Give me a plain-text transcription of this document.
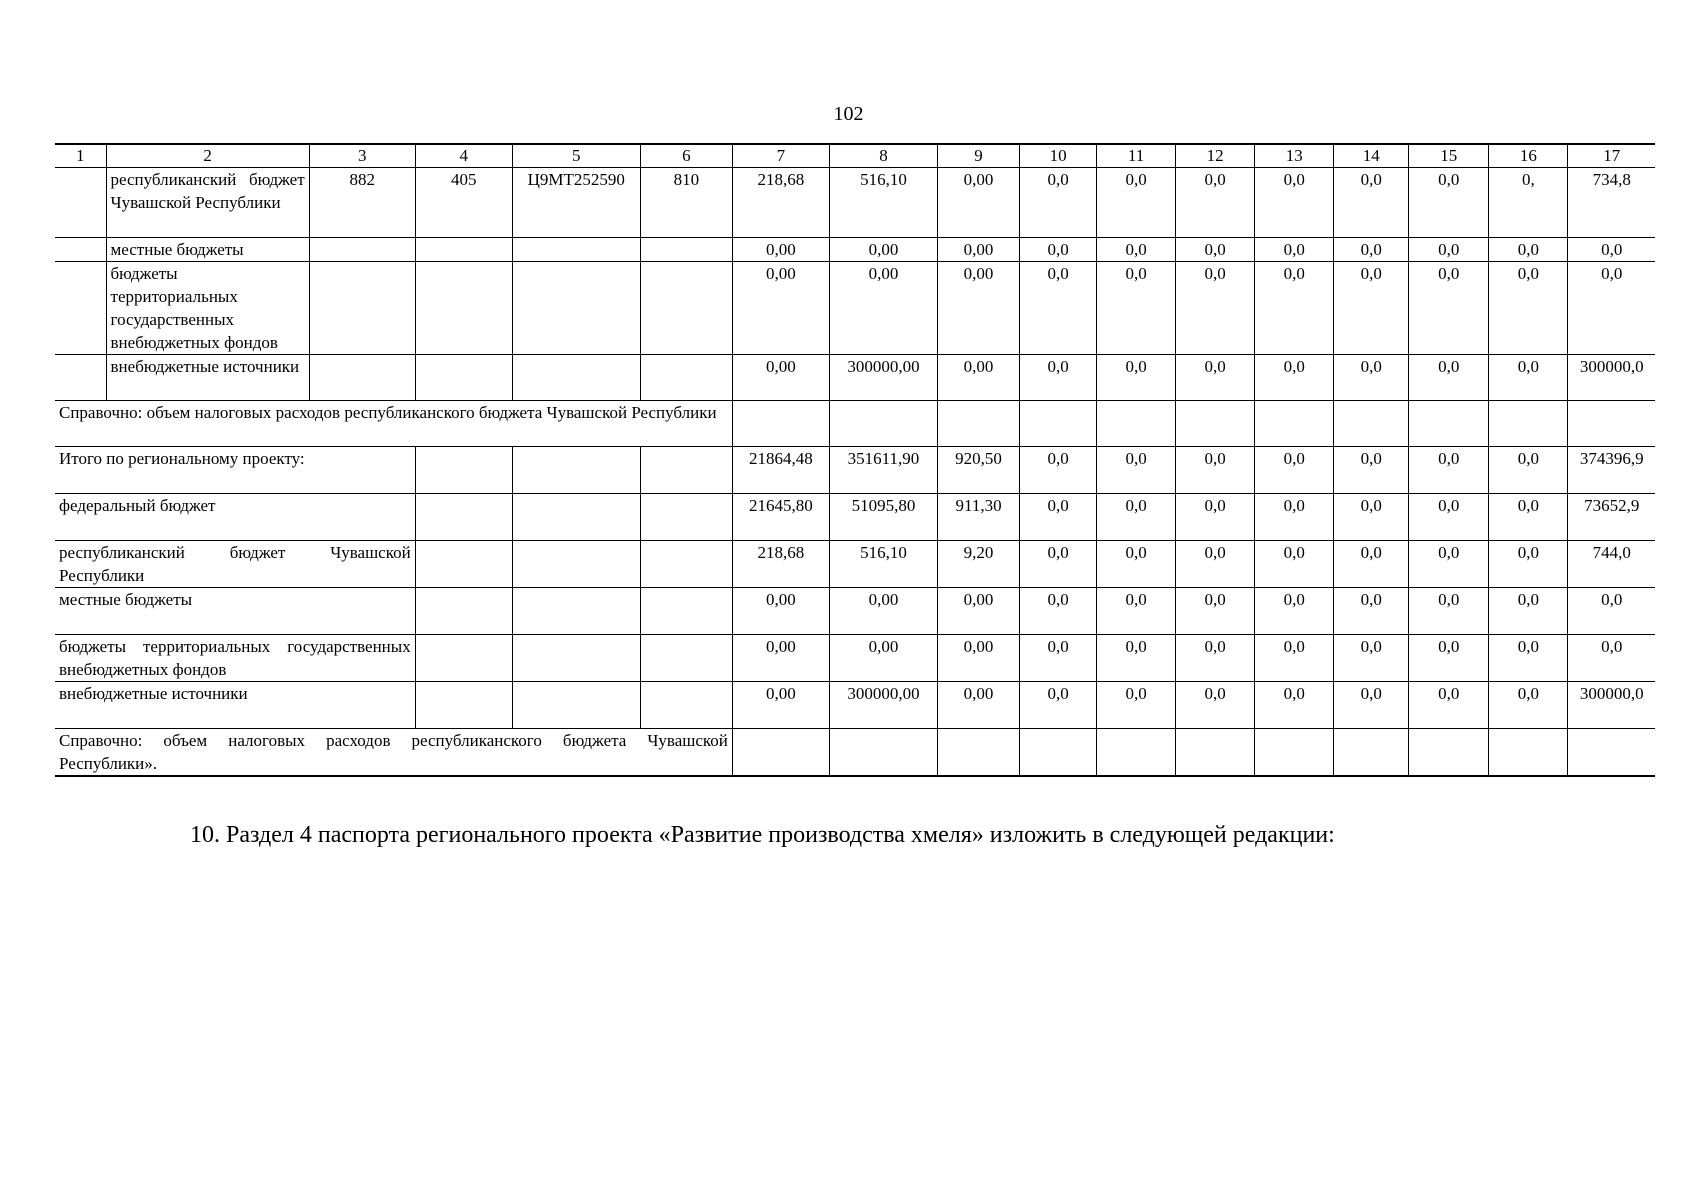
102
1	2	3	4	5	6	7	8	9	10	11	12	13	14	15	16	17
	республиканский бюджет Чувашской Республики	882	405	Ц9МТ252590	810	218,68	516,10	0,00	0,0	0,0	0,0	0,0	0,0	0,0	0,	734,8
	местные бюджеты					0,00	0,00	0,00	0,0	0,0	0,0	0,0	0,0	0,0	0,0	0,0
	бюджеты территориальных государственных внебюджетных фондов					0,00	0,00	0,00	0,0	0,0	0,0	0,0	0,0	0,0	0,0	0,0
	внебюджетные источники					0,00	300000,00	0,00	0,0	0,0	0,0	0,0	0,0	0,0	0,0	300000,0
Справочно: объем налоговых расходов республиканского бюджета Чувашской Республики																
Итого по региональному проекту:						21864,48	351611,90	920,50	0,0	0,0	0,0	0,0	0,0	0,0	0,0	374396,9
федеральный бюджет						21645,80	51095,80	911,30	0,0	0,0	0,0	0,0	0,0	0,0	0,0	73652,9
республиканский бюджет Чувашской Республики						218,68	516,10	9,20	0,0	0,0	0,0	0,0	0,0	0,0	0,0	744,0
местные бюджеты						0,00	0,00	0,00	0,0	0,0	0,0	0,0	0,0	0,0	0,0	0,0
бюджеты территориальных государственных внебюджетных фондов						0,00	0,00	0,00	0,0	0,0	0,0	0,0	0,0	0,0	0,0	0,0
внебюджетные источники						0,00	300000,00	0,00	0,0	0,0	0,0	0,0	0,0	0,0	0,0	300000,0
Справочно: объем налоговых расходов республиканского бюджета Чувашской Республики».																
10. Раздел 4 паспорта регионального проекта «Развитие производства хмеля» изложить в следующей редакции:
